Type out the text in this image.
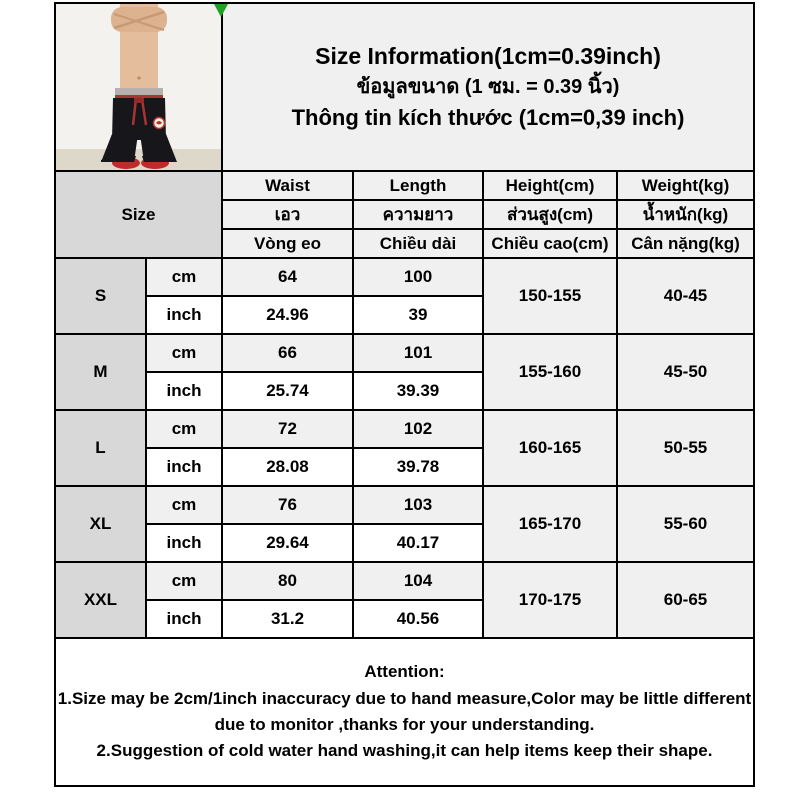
Size Information(1cm=0.39inch)
ข้อมูลขนาด (1 ซม. = 0.39 นิ้ว)
Thông tin kích thước (1cm=0,39 inch)			

Size		Waist	Length	Height(cm)	Weight(kg)
		เอว	ความยาว	ส่วนสูง(cm)	น้ำหนัก(kg)
		Vòng eo	Chiều dài	Chiều cao(cm)	Cân nặng(kg)
S	cm	64	100	150-155	40-45
	inch	24.96	39		
M	cm	66	101	155-160	45-50
	inch	25.74	39.39		
L	cm	72	102	160-165	50-55
	inch	28.08	39.78		
XL	cm	76	103	165-170	55-60
	inch	29.64	40.17		
XXL	cm	80	104	170-175	60-65
	inch	31.2	40.56		

Attention:
1.Size may be 2cm/1inch inaccuracy due to hand measure,Color may be little different due to monitor ,thanks for your understanding.
2.Suggestion of cold water hand washing,it can help items keep their shape.					
